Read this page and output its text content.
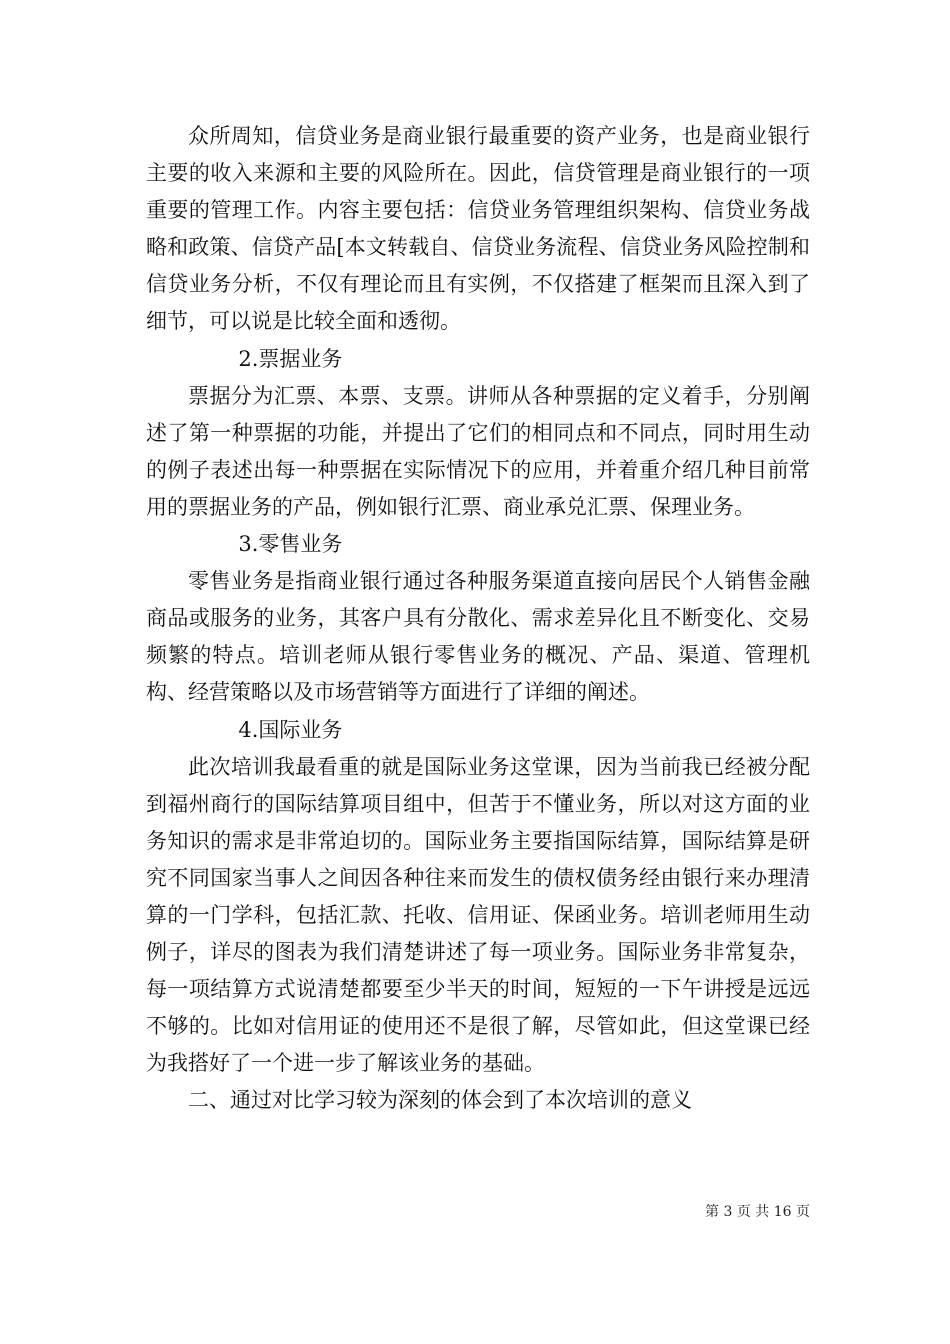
众所周知，信贷业务是商业银行最重要的资产业务，也是商业银行主要的收入来源和主要的风险所在。因此，信贷管理是商业银行的一项重要的管理工作。内容主要包括：信贷业务管理组织架构、信贷业务战略和政策、信贷产品[本文转载自、信贷业务流程、信贷业务风险控制和信贷业务分析，不仅有理论而且有实例，不仅搭建了框架而且深入到了细节，可以说是比较全面和透彻。

2.票据业务

票据分为汇票、本票、支票。讲师从各种票据的定义着手，分别阐述了第一种票据的功能，并提出了它们的相同点和不同点，同时用生动的例子表述出每一种票据在实际情况下的应用，并着重介绍几种目前常用的票据业务的产品，例如银行汇票、商业承兑汇票、保理业务。

3.零售业务

零售业务是指商业银行通过各种服务渠道直接向居民个人销售金融商品或服务的业务，其客户具有分散化、需求差异化且不断变化、交易频繁的特点。培训老师从银行零售业务的概况、产品、渠道、管理机构、经营策略以及市场营销等方面进行了详细的阐述。

4.国际业务

此次培训我最看重的就是国际业务这堂课，因为当前我已经被分配到福州商行的国际结算项目组中，但苦于不懂业务，所以对这方面的业务知识的需求是非常迫切的。国际业务主要指国际结算，国际结算是研究不同国家当事人之间因各种往来而发生的债权债务经由银行来办理清算的一门学科，包括汇款、托收、信用证、保函业务。培训老师用生动例子，详尽的图表为我们清楚讲述了每一项业务。国际业务非常复杂，每一项结算方式说清楚都要至少半天的时间，短短的一下午讲授是远远不够的。比如对信用证的使用还不是很了解，尽管如此，但这堂课已经为我搭好了一个进一步了解该业务的基础。

二、通过对比学习较为深刻的体会到了本次培训的意义

第 3 页 共 16 页
